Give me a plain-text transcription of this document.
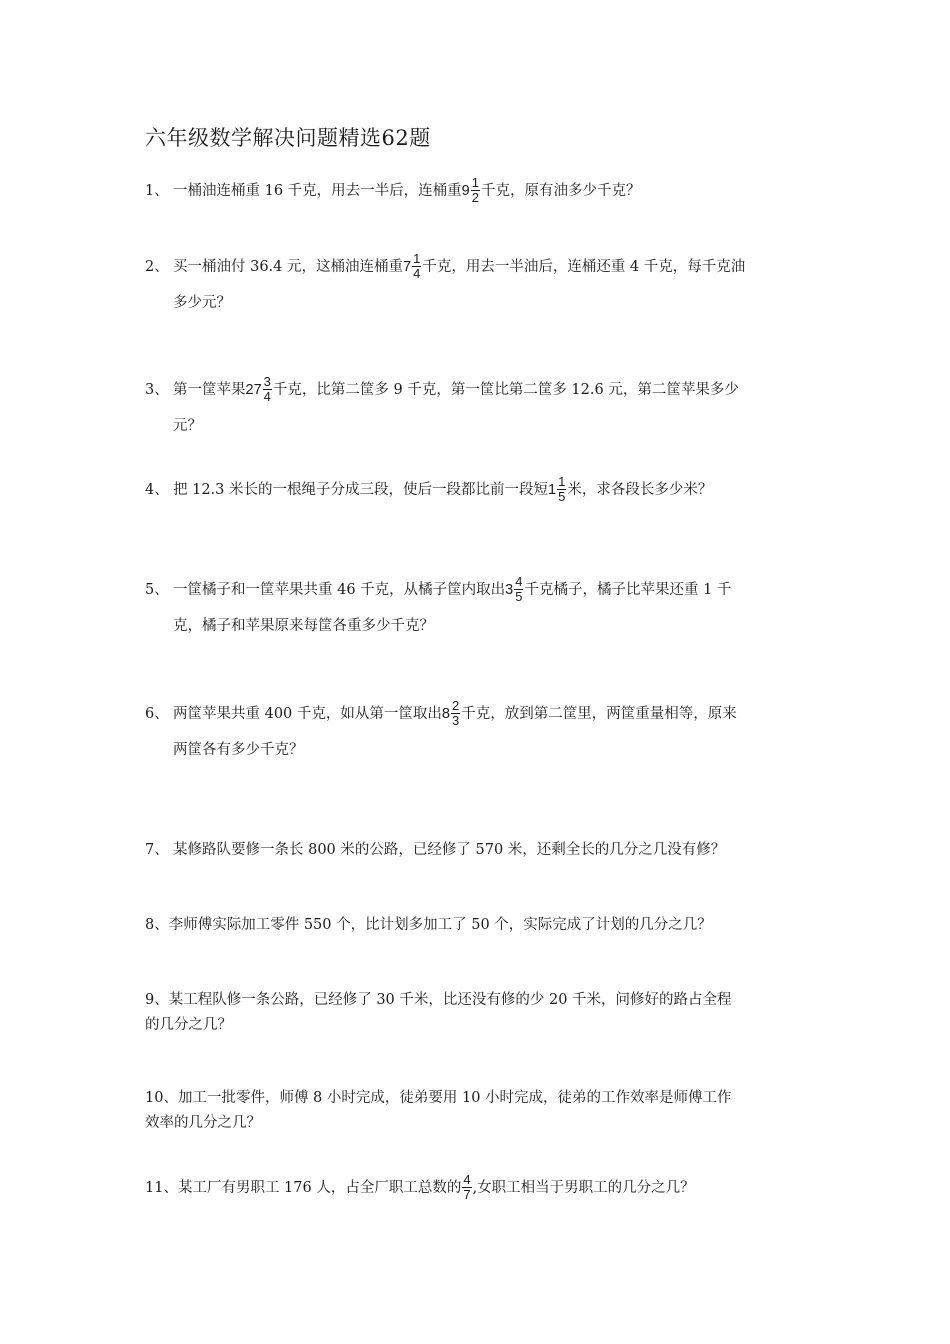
六年级数学解决问题精选62题
1、 一桶油连桶重 16 千克，用去一半后，连桶重$9 \frac{1}{2}$ 千克，原有油多少千克？
2、 买一桶油付 36.4 元，这桶油连桶重$7 \frac{1}{4}$ 千克，用去一半油后，连桶还重 4 千克，每千克油
多少元？
3、 第一筐苹果$27 \frac{3}{4}$ 千克，比第二筐多 9 千克，第一筐比第二筐多 12.6 元，第二筐苹果多少
元？
4、 把 12.3 米长的一根绳子分成三段，使后一段都比前一段短$1 \frac{1}{5}$ 米，求各段长多少米？
5、 一筐橘子和一筐苹果共重 46 千克，从橘子筐内取出$3 \frac{4}{5}$ 千克橘子，橘子比苹果还重 1 千
克，橘子和苹果原来每筐各重多少千克？
6、 两筐苹果共重 400 千克，如从第一筐取出$8 \frac{2}{3}$ 千克，放到第二筐里，两筐重量相等，原来
两筐各有多少千克？
7、 某修路队要修一条长 800 米的公路，已经修了 570 米，还剩全长的几分之几没有修？
8、李师傅实际加工零件 550 个，比计划多加工了 50 个，实际完成了计划的几分之几？
9、某工程队修一条公路，已经修了 30 千米，比还没有修的少 20 千米，问修好的路占全程
的几分之几？
10、加工一批零件，师傅 8 小时完成，徒弟要用 10 小时完成，徒弟的工作效率是师傅工作
效率的几分之几？
11、某工厂有男职工 176 人，占全厂职工总数的 $\frac{4}{7}$ ,女职工相当于男职工的几分之几？
